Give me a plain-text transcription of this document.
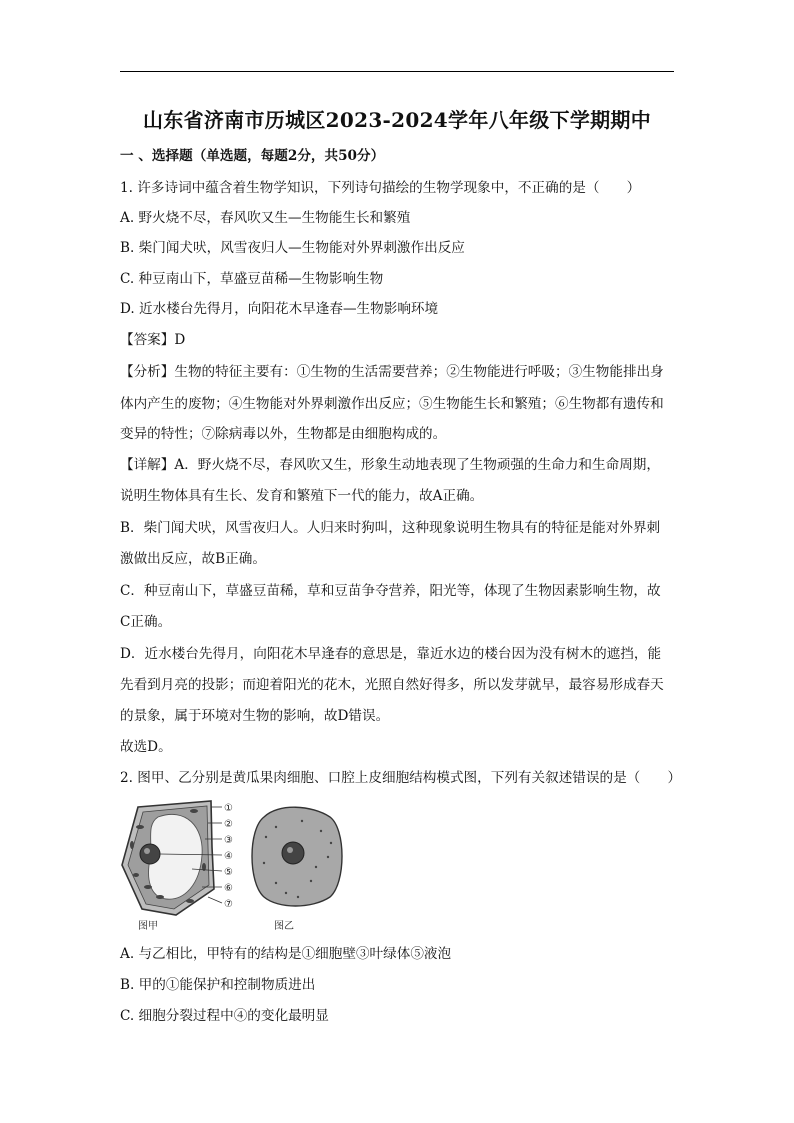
山东省济南市历城区2023-2024学年八年级下学期期中
一 、选择题（单选题，每题2分，共50分）
1. 许多诗词中蕴含着生物学知识，下列诗句描绘的生物学现象中，不正确的是（　　）
A. 野火烧不尽，春风吹又生—生物能生长和繁殖
B. 柴门闻犬吠，风雪夜归人—生物能对外界刺激作出反应
C. 种豆南山下，草盛豆苗稀—生物影响生物
D. 近水楼台先得月，向阳花木早逢春—生物影响环境
【答案】D
【分析】生物的特征主要有：①生物的生活需要营养；②生物能进行呼吸；③生物能排出身
体内产生的废物；④生物能对外界刺激作出反应；⑤生物能生长和繁殖；⑥生物都有遗传和
变异的特性；⑦除病毒以外，生物都是由细胞构成的。
【详解】A．野火烧不尽，春风吹又生，形象生动地表现了生物顽强的生命力和生命周期，
说明生物体具有生长、发育和繁殖下一代的能力，故A正确。
B．柴门闻犬吠，风雪夜归人。人归来时狗叫，这种现象说明生物具有的特征是能对外界刺
激做出反应，故B正确。
C．种豆南山下，草盛豆苗稀，草和豆苗争夺营养，阳光等，体现了生物因素影响生物，故
C正确。
D．近水楼台先得月，向阳花木早逢春的意思是，靠近水边的楼台因为没有树木的遮挡，能
先看到月亮的投影；而迎着阳光的花木，光照自然好得多，所以发芽就早，最容易形成春天
的景象，属于环境对生物的影响，故D错误。
故选D。
2. 图甲、乙分别是黄瓜果肉细胞、口腔上皮细胞结构模式图，下列有关叙述错误的是（　　）
①
②
③
④
⑤
⑥
⑦
图甲	图乙
A. 与乙相比，甲特有的结构是①细胞壁③叶绿体⑤液泡
B. 甲的①能保护和控制物质进出
C. 细胞分裂过程中④的变化最明显
